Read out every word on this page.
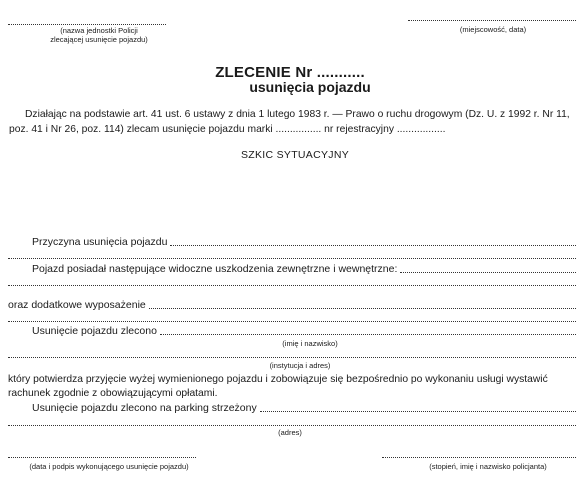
(nazwa jednostki Policji
zlecającej usunięcie pojazdu)
(miejscowość, data)
ZLECENIE Nr ...........
usunięcia pojazdu
Działając na podstawie art. 41 ust. 6 ustawy z dnia 1 lutego 1983 r. — Prawo o ruchu drogowym (Dz. U. z 1992 r. Nr 11,
poz. 41 i Nr 26, poz. 114) zlecam usunięcie pojazdu marki ................ nr rejestracyjny .................
SZKIC SYTUACYJNY
Przyczyna usunięcia pojazdu
Pojazd posiadał następujące widoczne uszkodzenia zewnętrzne i wewnętrzne:
oraz dodatkowe wyposażenie
Usunięcie pojazdu zlecono
(imię i nazwisko)
(instytucja i adres)
który potwierdza przyjęcie wyżej wymienionego pojazdu i zobowiązuje się bezpośrednio po wykonaniu usługi wystawić
rachunek zgodnie z obowiązującymi opłatami.
Usunięcie pojazdu zlecono na parking strzeżony
(adres)
(data i podpis wykonującego usunięcie pojazdu)	(stopień, imię i nazwisko policjanta)
